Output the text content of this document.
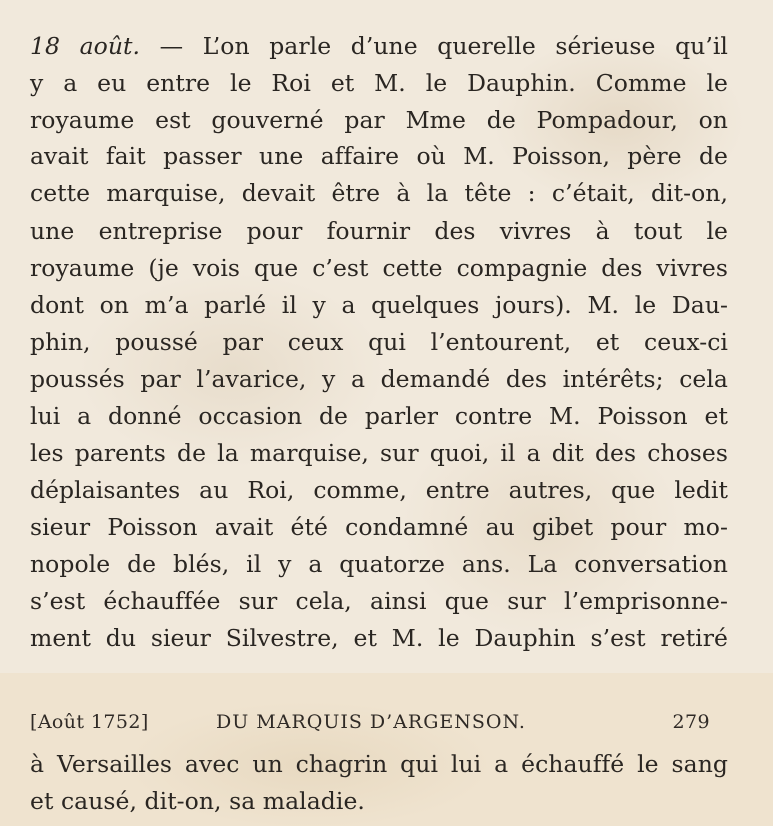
18 août. — L’on parle d’une querelle sérieuse qu’il

y a eu entre le Roi et M. le Dauphin. Comme le

royaume est gouverné par Mme de Pompadour, on

avait fait passer une affaire où M. Poisson, père de

cette marquise, devait être à la tête : c’était, dit-on,

une entreprise pour fournir des vivres à tout le

royaume (je vois que c’est cette compagnie des vivres

dont on m’a parlé il y a quelques jours). M. le Dau-

phin, poussé par ceux qui l’entourent, et ceux-ci

poussés par l’avarice, y a demandé des intérêts; cela

lui a donné occasion de parler contre M. Poisson et

les parents de la marquise, sur quoi, il a dit des choses

déplaisantes au Roi, comme, entre autres, que ledit

sieur Poisson avait été condamné au gibet pour mo-

nopole de blés, il y a quatorze ans. La conversation

s’est échauffée sur cela, ainsi que sur l’emprisonne-

ment du sieur Silvestre, et M. le Dauphin s’est retiré

[Août 1752]	DU MARQUIS D’ARGENSON.	279

à Versailles avec un chagrin qui lui a échauffé le sang

et causé, dit-on, sa maladie.
